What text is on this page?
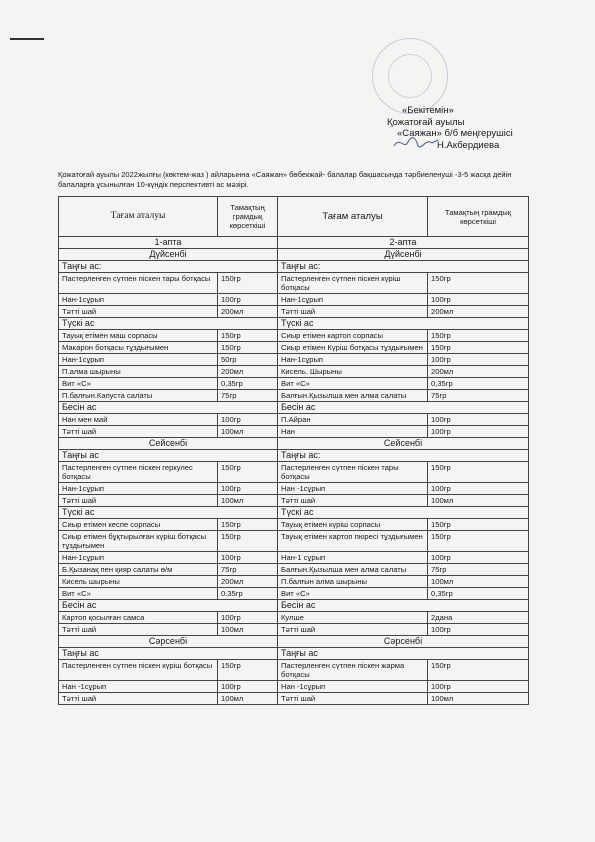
«Бекітемін»
Қожатоғай ауылы
«Саяжан» б/б меңгерушісі
Н.Акбердиева
Қожатоғай ауылы 2022жылғы (көктем-жаз ) айларынна «Саяжан» бөбекжай- балалар бақшасында тәрбиеленуші -3-5 жасқа дейін балаларға ұсынылған 10-күндік перспективті ас мәзірі.
Тағам аталуы	Тамақтың грамдық көрсеткіші	Тағам аталуы	Тамақтың грамдық көрсеткіші
1-апта		2-апта	
Дүйсенбі		Дүйсенбі	
Таңғы ас:		Таңғы ас:	
Пастерленген сүтпен піскен тары ботқасы	150гр	Пастерленген сүтпен піскен күріш ботқасы	150гр
Нан-1сұрып	100гр	Нан-1сұрып	100гр
Тәтті шай	200мл	Тәтті шай	200мл
Түскі ас		Түскі ас	
Тауық етімен маш сорпасы	150гр	Сиыр етімен картоп сорпасы	150гр
Макарон ботқасы тұздығымен	150гр	Сиыр етімен Күріш ботқасы тұздығымен	150гр
Нан-1сұрып	50гр	Нан-1сұрып	100гр
П.алма шырыны	200мл	Кисель. Шырыны	200мл
Вит «С»	0,35гр	Вит «С»	0,35гр
П.балғын.Капуста салаты	75гр	Балғын.Қызылша мен алма салаты	75гр
Бесін ас		Бесін ас	
Нан мен май	100гр	П.Айран	100гр
Тәтті шай	100мл	Нан	100гр
Сейсенбі		Сейсенбі	
Таңғы ас		Таңғы ас:	
Пастерленген сүтпен піскен геркулес ботқасы	150гр	Пастерленген сүтпен піскен тары ботқасы	150гр
Нан-1сұрып	100гр	Нан -1сұрып	100гр
Тәтті шай	100мл	Тәтті шай	100мл
Түскі ас		Түскі ас	
Сиыр етімен кеспе сорпасы	150гр	Тауық етімен күріш сорпасы	150гр
Сиыр етімен бұқтырылған күріш ботқасы тұздығымен	150гр	Тауық етімен картоп пюресі тұздығымен	150гр
Нан-1сұрып	100гр	Нан-1 сұрып	100гр
Б.Қызанақ пен қияр салаты ө/м	75гр	Балғын.Қызылша мен алма салаты	75гр
Кисель шырыны	200мл	П.балғын алма шырыны	100мл
Вит «С»	0.35гр	Вит «С»	0,35гр
Бесін ас		Бесін ас	
Картоп қосылған самса	100гр	Кулше	2дана
Тәтті шай	100мл	Тәтті шай	100гр
Сәрсенбі		Сәрсенбі	
Таңғы ас		Таңғы ас	
Пастерленген сүтпен піскен күріш ботқасы	150гр	Пастерленген сүтпен піскен жарма ботқасы	150гр
Нан -1сұрып	100гр	Нан -1сұрып	100гр
Тәтті шай	100мл	Тәтті шай	100мл
